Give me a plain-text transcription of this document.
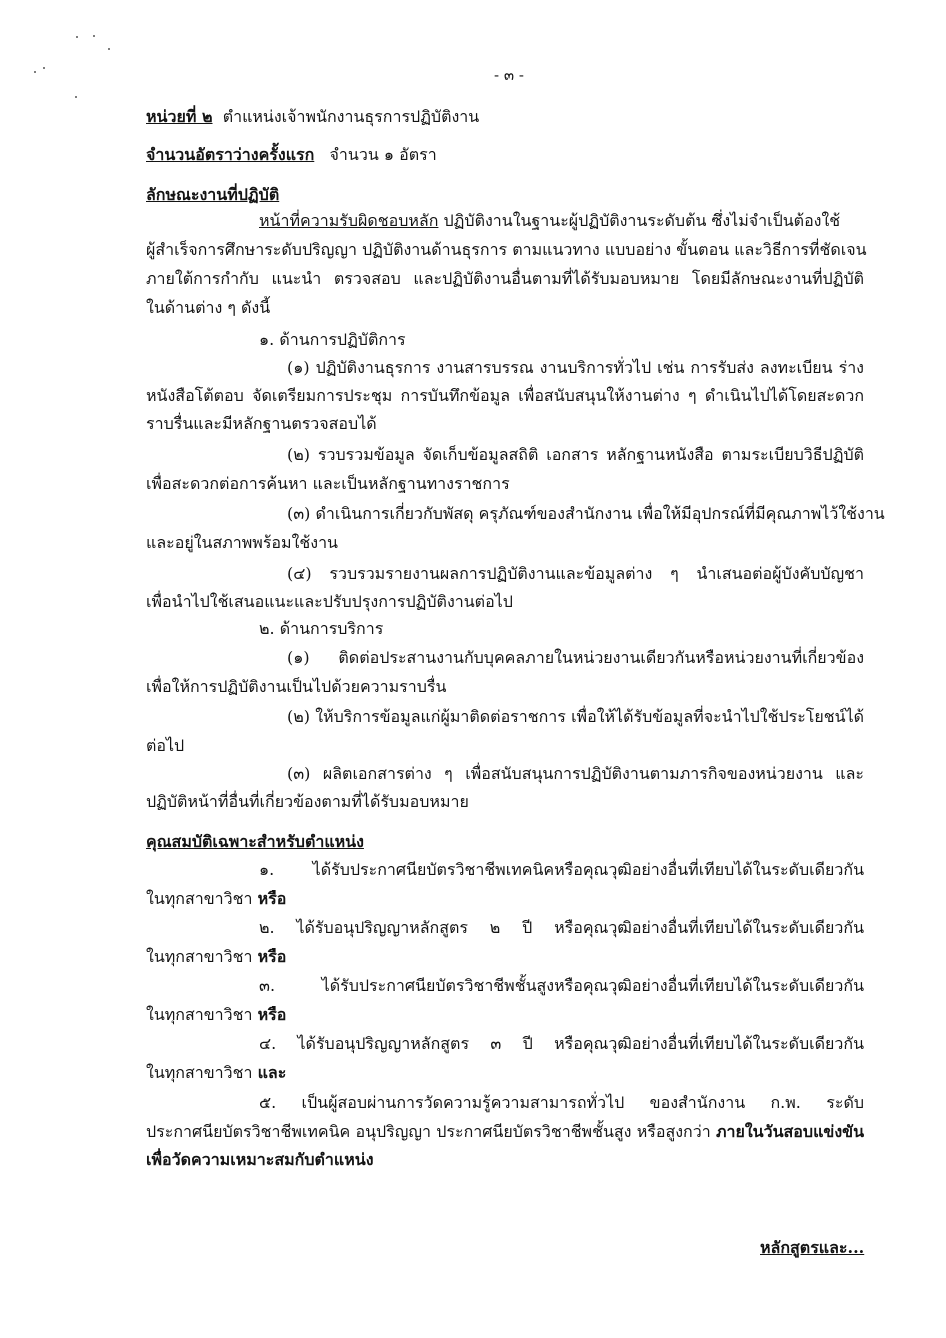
- ๓ -
หน่วยที่ ๒ ตำแหน่งเจ้าพนักงานธุรการปฏิบัติงาน
จำนวนอัตราว่างครั้งแรก จำนวน ๑ อัตรา
ลักษณะงานที่ปฏิบัติ
หน้าที่ความรับผิดชอบหลัก ปฏิบัติงานในฐานะผู้ปฏิบัติงานระดับต้น ซึ่งไม่จำเป็นต้องใช้
ผู้สำเร็จการศึกษาระดับปริญญา ปฏิบัติงานด้านธุรการ ตามแนวทาง แบบอย่าง ขั้นตอน และวิธีการที่ชัดเจน
ภายใต้การกำกับ แนะนำ ตรวจสอบ และปฏิบัติงานอื่นตามที่ได้รับมอบหมาย โดยมีลักษณะงานที่ปฏิบัติ
ในด้านต่าง ๆ ดังนี้
๑. ด้านการปฏิบัติการ
(๑) ปฏิบัติงานธุรการ งานสารบรรณ งานบริการทั่วไป เช่น การรับส่ง ลงทะเบียน ร่าง
หนังสือโต้ตอบ จัดเตรียมการประชุม การบันทึกข้อมูล เพื่อสนับสนุนให้งานต่าง ๆ ดำเนินไปได้โดยสะดวก
ราบรื่นและมีหลักฐานตรวจสอบได้
(๒) รวบรวมข้อมูล จัดเก็บข้อมูลสถิติ เอกสาร หลักฐานหนังสือ ตามระเบียบวิธีปฏิบัติ
เพื่อสะดวกต่อการค้นหา และเป็นหลักฐานทางราชการ
(๓) ดำเนินการเกี่ยวกับพัสดุ ครุภัณฑ์ของสำนักงาน เพื่อให้มีอุปกรณ์ที่มีคุณภาพไว้ใช้งาน
และอยู่ในสภาพพร้อมใช้งาน
(๔) รวบรวมรายงานผลการปฏิบัติงานและข้อมูลต่าง ๆ นำเสนอต่อผู้บังคับบัญชา
เพื่อนำไปใช้เสนอแนะและปรับปรุงการปฏิบัติงานต่อไป
๒. ด้านการบริการ
(๑) ติดต่อประสานงานกับบุคคลภายในหน่วยงานเดียวกันหรือหน่วยงานที่เกี่ยวข้อง
เพื่อให้การปฏิบัติงานเป็นไปด้วยความราบรื่น
(๒) ให้บริการข้อมูลแก่ผู้มาติดต่อราชการ เพื่อให้ได้รับข้อมูลที่จะนำไปใช้ประโยชน์ได้
ต่อไป
(๓) ผลิตเอกสารต่าง ๆ เพื่อสนับสนุนการปฏิบัติงานตามภารกิจของหน่วยงาน และ
ปฏิบัติหน้าที่อื่นที่เกี่ยวข้องตามที่ได้รับมอบหมาย
คุณสมบัติเฉพาะสำหรับตำแหน่ง
๑. ได้รับประกาศนียบัตรวิชาชีพเทคนิคหรือคุณวุฒิอย่างอื่นที่เทียบได้ในระดับเดียวกัน
ในทุกสาขาวิชา หรือ
๒. ได้รับอนุปริญญาหลักสูตร ๒ ปี หรือคุณวุฒิอย่างอื่นที่เทียบได้ในระดับเดียวกัน
ในทุกสาขาวิชา หรือ
๓. ได้รับประกาศนียบัตรวิชาชีพชั้นสูงหรือคุณวุฒิอย่างอื่นที่เทียบได้ในระดับเดียวกัน
ในทุกสาขาวิชา หรือ
๔. ได้รับอนุปริญญาหลักสูตร ๓ ปี หรือคุณวุฒิอย่างอื่นที่เทียบได้ในระดับเดียวกัน
ในทุกสาขาวิชา และ
๕. เป็นผู้สอบผ่านการวัดความรู้ความสามารถทั่วไป ของสำนักงาน ก.พ. ระดับ
ประกาศนียบัตรวิชาชีพเทคนิค อนุปริญญา ประกาศนียบัตรวิชาชีพชั้นสูง หรือสูงกว่า ภายในวันสอบแข่งขัน
เพื่อวัดความเหมาะสมกับตำแหน่ง
หลักสูตรและ...
